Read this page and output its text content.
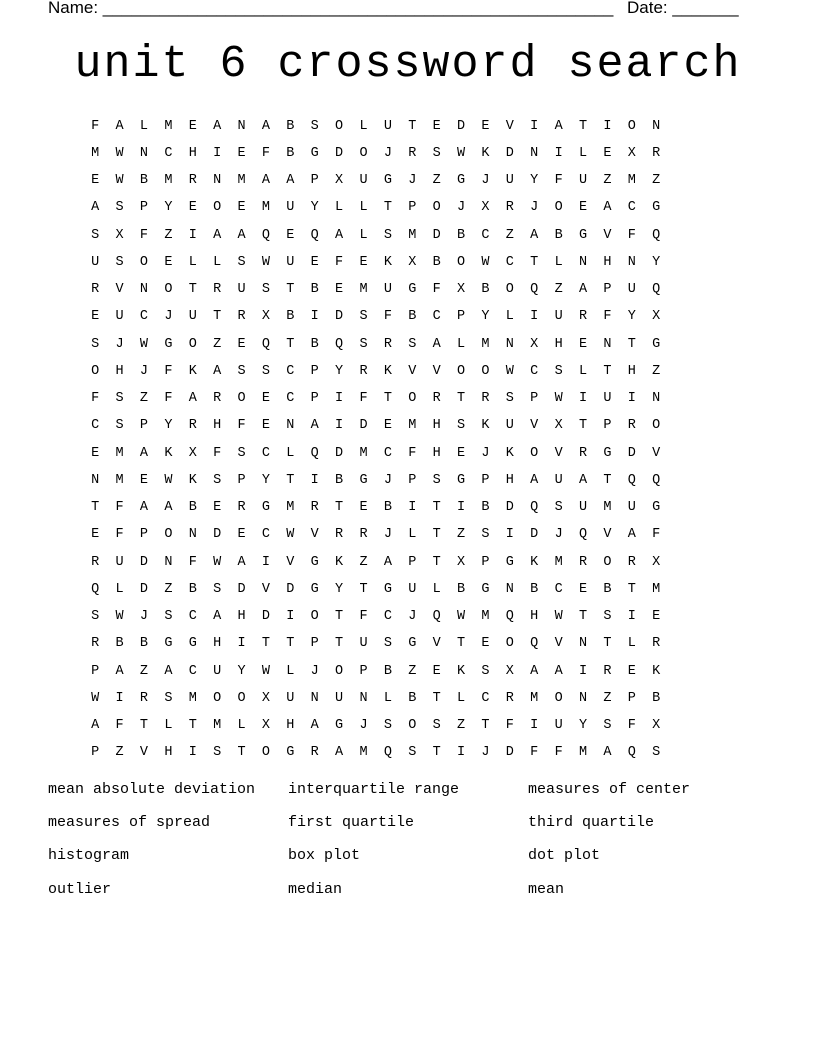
Name: ______________________________________________________ Date: _______
unit 6 crossword search
F	A	L	M	E	A	N	A	B	S	O	L	U	T	E	D	E	V	I	A	T	I	O	N
M	W	N	C	H	I	E	F	B	G	D	O	J	R	S	W	K	D	N	I	L	E	X	R
E	W	B	M	R	N	M	A	A	P	X	U	G	J	Z	G	J	U	Y	F	U	Z	M	Z
A	S	P	Y	E	O	E	M	U	Y	L	L	T	P	O	J	X	R	J	O	E	A	C	G
S	X	F	Z	I	A	A	Q	E	Q	A	L	S	M	D	B	C	Z	A	B	G	V	F	Q
U	S	O	E	L	L	S	W	U	E	F	E	K	X	B	O	W	C	T	L	N	H	N	Y
R	V	N	O	T	R	U	S	T	B	E	M	U	G	F	X	B	O	Q	Z	A	P	U	Q
E	U	C	J	U	T	R	X	B	I	D	S	F	B	C	P	Y	L	I	U	R	F	Y	X
S	J	W	G	O	Z	E	Q	T	B	Q	S	R	S	A	L	M	N	X	H	E	N	T	G
O	H	J	F	K	A	S	S	C	P	Y	R	K	V	V	O	O	W	C	S	L	T	H	Z
F	S	Z	F	A	R	O	E	C	P	I	F	T	O	R	T	R	S	P	W	I	U	I	N
C	S	P	Y	R	H	F	E	N	A	I	D	E	M	H	S	K	U	V	X	T	P	R	O
E	M	A	K	X	F	S	C	L	Q	D	M	C	F	H	E	J	K	O	V	R	G	D	V
N	M	E	W	K	S	P	Y	T	I	B	G	J	P	S	G	P	H	A	U	A	T	Q	Q
T	F	A	A	B	E	R	G	M	R	T	E	B	I	T	I	B	D	Q	S	U	M	U	G
E	F	P	O	N	D	E	C	W	V	R	R	J	L	T	Z	S	I	D	J	Q	V	A	F
R	U	D	N	F	W	A	I	V	G	K	Z	A	P	T	X	P	G	K	M	R	O	R	X
Q	L	D	Z	B	S	D	V	D	G	Y	T	G	U	L	B	G	N	B	C	E	B	T	M
S	W	J	S	C	A	H	D	I	O	T	F	C	J	Q	W	M	Q	H	W	T	S	I	E
R	B	B	G	G	H	I	T	T	P	T	U	S	G	V	T	E	O	Q	V	N	T	L	R
P	A	Z	A	C	U	Y	W	L	J	O	P	B	Z	E	K	S	X	A	A	I	R	E	K
W	I	R	S	M	O	O	X	U	N	U	N	L	B	T	L	C	R	M	O	N	Z	P	B
A	F	T	L	T	M	L	X	H	A	G	J	S	O	S	Z	T	F	I	U	Y	S	F	X
P	Z	V	H	I	S	T	O	G	R	A	M	Q	S	T	I	J	D	F	F	M	A	Q	S
mean absolute deviation	interquartile range	measures of center
measures of spread	first quartile	third quartile
histogram	box plot	dot plot
outlier	median	mean
